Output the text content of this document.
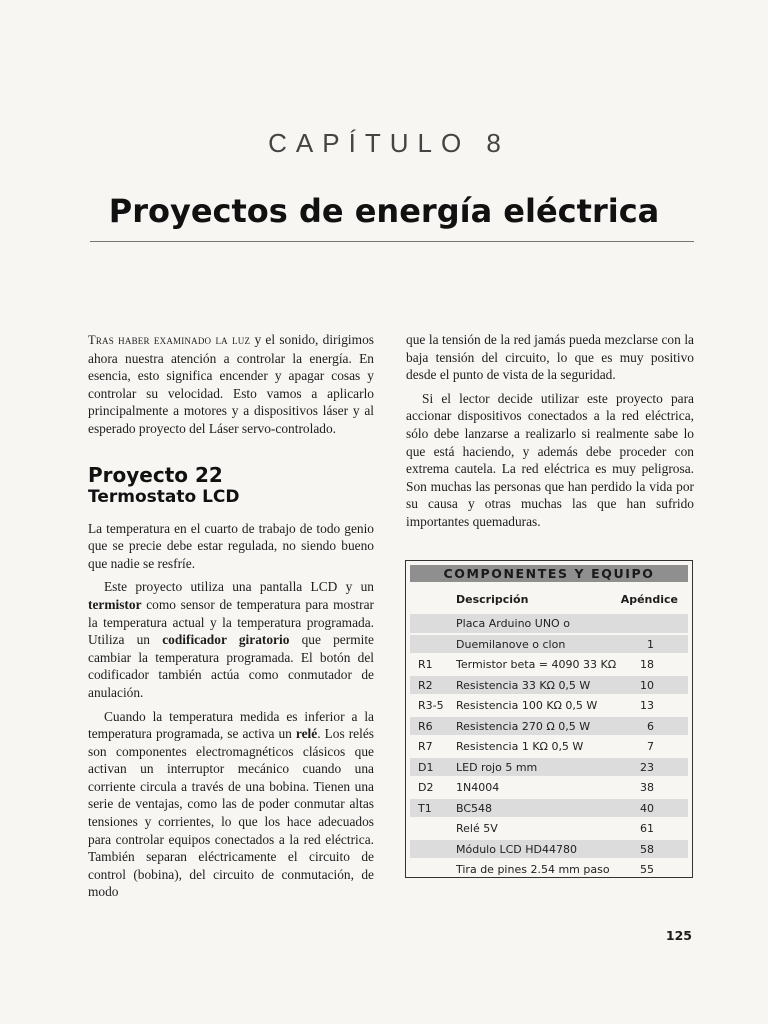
CAPÍTULO 8
Proyectos de energía eléctrica

Tras haber examinado la luz y el sonido, dirigimos ahora nuestra atención a controlar la energía. En esencia, esto significa encender y apagar cosas y controlar su velocidad. Esto vamos a aplicarlo principalmente a motores y a dispositivos láser y al esperado proyecto del Láser servo-controlado.

Proyecto 22
Termostato LCD

La temperatura en el cuarto de trabajo de todo genio que se precie debe estar regulada, no siendo bueno que nadie se resfríe.

Este proyecto utiliza una pantalla LCD y un termistor como sensor de temperatura para mostrar la temperatura actual y la temperatura programada. Utiliza un codificador giratorio que permite cambiar la temperatura programada. El botón del codificador también actúa como conmutador de anulación.

Cuando la temperatura medida es inferior a la temperatura programada, se activa un relé. Los relés son componentes electromagnéticos clásicos que activan un interruptor mecánico cuando una corriente circula a través de una bobina. Tienen una serie de ventajas, como las de poder conmutar altas tensiones y corrientes, lo que los hace adecuados para controlar equipos conectados a la red eléctrica. También separan eléctricamente el circuito de control (bobina), del circuito de conmutación, de modo

que la tensión de la red jamás pueda mezclarse con la baja tensión del circuito, lo que es muy positivo desde el punto de vista de la seguridad.

Si el lector decide utilizar este proyecto para accionar dispositivos conectados a la red eléctrica, sólo debe lanzarse a realizarlo si realmente sabe lo que está haciendo, y además debe proceder con extrema cautela. La red eléctrica es muy peligrosa. Son muchas las personas que han perdido la vida por su causa y otras muchas las que han sufrido importantes quemaduras.

COMPONENTES Y EQUIPO
Descripción	Apéndice
Placa Arduino UNO o
Duemilanove o clon	1
R1 Termistor beta = 4090 33 KΩ	18
R2 Resistencia 33 KΩ 0,5 W	10
R3-5 Resistencia 100 KΩ 0,5 W	13
R6 Resistencia 270 Ω 0,5 W	6
R7 Resistencia 1 KΩ 0,5 W	7
D1 LED rojo 5 mm	23
D2 1N4004	38
T1 BC548	40
Relé 5V	61
Módulo LCD HD44780	58
Tira de pines 2.54 mm paso	55
125
